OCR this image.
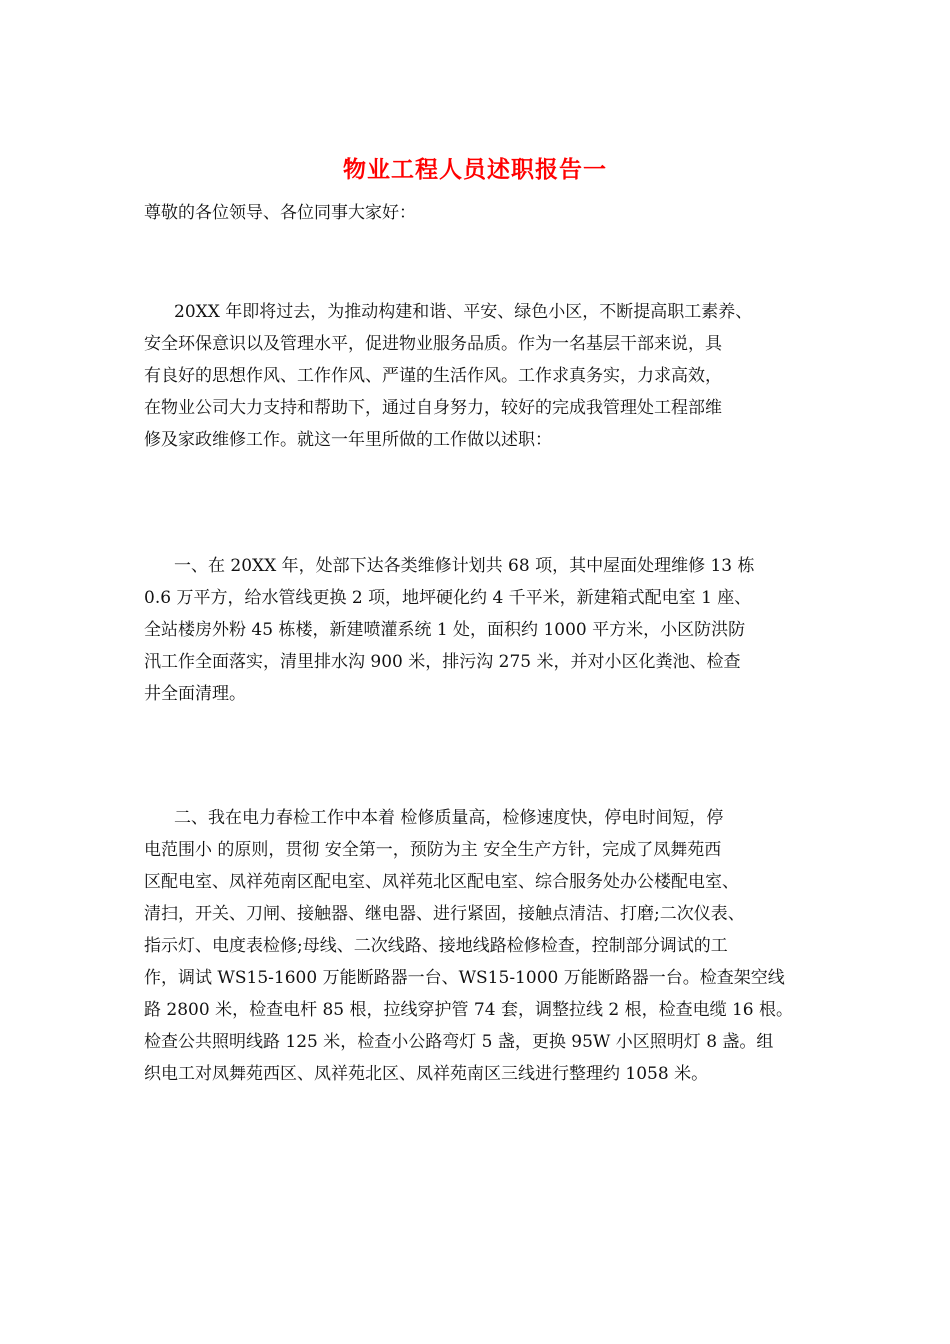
物业工程人员述职报告一
尊敬的各位领导、各位同事大家好：
20XX 年即将过去，为推动构建和谐、平安、绿色小区，不断提高职工素养、
安全环保意识以及管理水平，促进物业服务品质。作为一名基层干部来说，具
有良好的思想作风、工作作风、严谨的生活作风。工作求真务实，力求高效，
在物业公司大力支持和帮助下，通过自身努力，较好的完成我管理处工程部维
修及家政维修工作。就这一年里所做的工作做以述职：
一、在 20XX 年，处部下达各类维修计划共 68 项，其中屋面处理维修 13 栋
0.6 万平方，给水管线更换 2 项，地坪硬化约 4 千平米，新建箱式配电室 1 座、
全站楼房外粉 45 栋楼，新建喷灌系统 1 处，面积约 1000 平方米，小区防洪防
汛工作全面落实，清里排水沟 900 米，排污沟 275 米，并对小区化粪池、检查
井全面清理。
二、我在电力春检工作中本着 检修质量高，检修速度快，停电时间短，停
电范围小 的原则，贯彻 安全第一，预防为主 安全生产方针，完成了凤舞苑西
区配电室、凤祥苑南区配电室、凤祥苑北区配电室、综合服务处办公楼配电室、
清扫，开关、刀闸、接触器、继电器、进行紧固，接触点清洁、打磨;二次仪表、
指示灯、电度表检修;母线、二次线路、接地线路检修检查，控制部分调试的工
作，调试 WS15-1600 万能断路器一台、WS15-1000 万能断路器一台。检查架空线
路 2800 米，检查电杆 85 根，拉线穿护管 74 套，调整拉线 2 根，检查电缆 16 根。
检查公共照明线路 125 米，检查小公路弯灯 5 盏，更换 95W 小区照明灯 8 盏。组
织电工对凤舞苑西区、凤祥苑北区、凤祥苑南区三线进行整理约 1058 米。
